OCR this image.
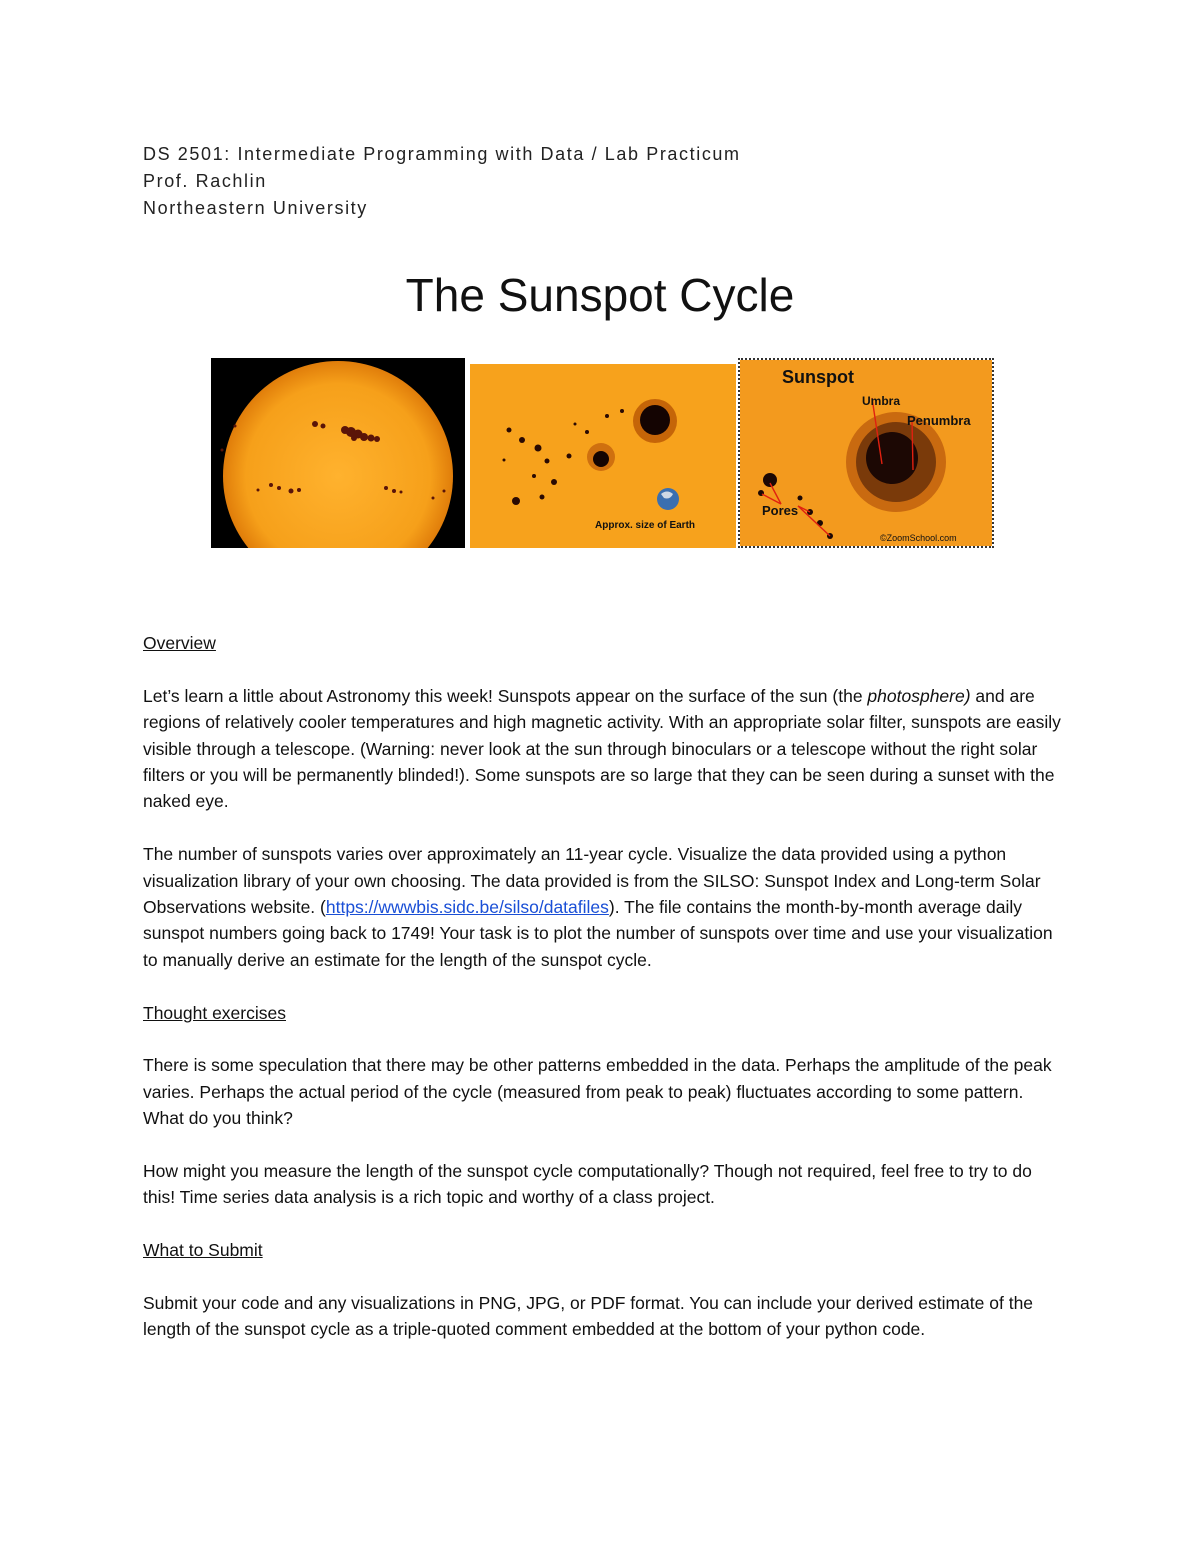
DS 2501: Intermediate Programming with Data / Lab Practicum
Prof. Rachlin
Northeastern University
The Sunspot Cycle
Approx. size of Earth
Sunspot
Umbra
Penumbra
Pores
©ZoomSchool.com

Overview

Let’s learn a little about Astronomy this week! Sunspots appear on the surface of the sun (the photosphere) and are regions of relatively cooler temperatures and high magnetic activity. With an appropriate solar filter, sunspots are easily visible through a telescope. (Warning: never look at the sun through binoculars or a telescope without the right solar filters or you will be permanently blinded!). Some sunspots are so large that they can be seen during a sunset with the naked eye.

The number of sunspots varies over approximately an 11-year cycle. Visualize the data provided using a python visualization library of your own choosing. The data provided is from the SILSO: Sunspot Index and Long-term Solar Observations website. (https://wwwbis.sidc.be/silso/datafiles). The file contains the month-by-month average daily sunspot numbers going back to 1749! Your task is to plot the number of sunspots over time and use your visualization to manually derive an estimate for the length of the sunspot cycle.

Thought exercises

There is some speculation that there may be other patterns embedded in the data. Perhaps the amplitude of the peak varies. Perhaps the actual period of the cycle (measured from peak to peak) fluctuates according to some pattern. What do you think?

How might you measure the length of the sunspot cycle computationally? Though not required, feel free to try to do this! Time series data analysis is a rich topic and worthy of a class project.

What to Submit

Submit your code and any visualizations in PNG, JPG, or PDF format. You can include your derived estimate of the length of the sunspot cycle as a triple-quoted comment embedded at the bottom of your python code.
